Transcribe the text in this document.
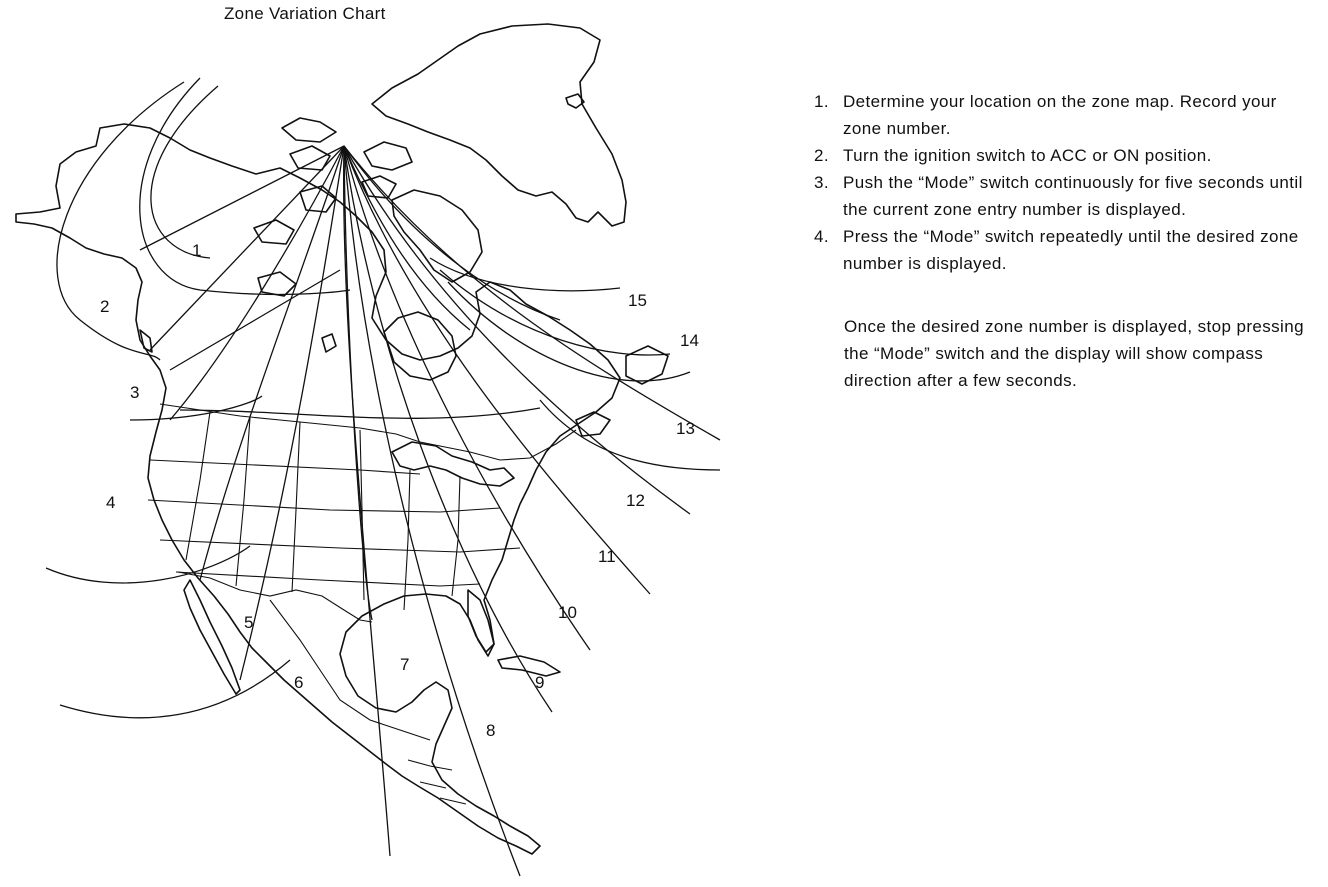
Zone Variation Chart
1
2
3
4
5
6
7
8
9
10
11
12
13
14
15
1. Determine your location on the zone map. Record your zone number.
2. Turn the ignition switch to ACC or ON position.
3. Push the “Mode” switch continuously for five seconds until the current zone entry number is displayed.
4. Press the “Mode” switch repeatedly until the desired zone number is displayed.
Once the desired zone number is displayed, stop pressing the “Mode” switch and the display will show compass direction after a few seconds.
